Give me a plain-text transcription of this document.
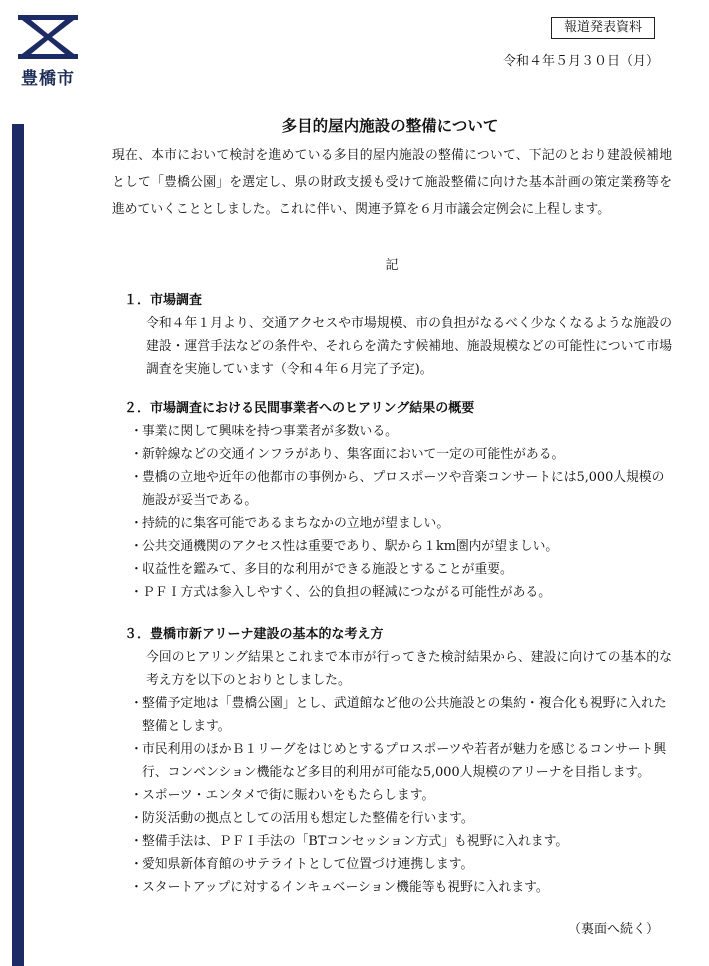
豊橋市
報道発表資料
令和４年５月３０日（月）
多目的屋内施設の整備について
現在、本市において検討を進めている多目的屋内施設の整備について、下記のとおり建設候補地として「豊橋公園」を選定し、県の財政支援も受けて施設整備に向けた基本計画の策定業務等を進めていくこととしました。これに伴い、関連予算を６月市議会定例会に上程します。
記
１．市場調査
令和４年１月より、交通アクセスや市場規模、市の負担がなるべく少なくなるような施設の建設・運営手法などの条件や、それらを満たす候補地、施設規模などの可能性について市場調査を実施しています（令和４年６月完了予定)。
２．市場調査における民間事業者へのヒアリング結果の概要
・ 事業に関して興味を持つ事業者が多数いる。
・ 新幹線などの交通インフラがあり、集客面において一定の可能性がある。
・ 豊橋の立地や近年の他都市の事例から、プロスポーツや音楽コンサートには5,000人規模の施設が妥当である。
・ 持続的に集客可能であるまちなかの立地が望ましい。
・ 公共交通機関のアクセス性は重要であり、駅から１km圏内が望ましい。
・ 収益性を鑑みて、多目的な利用ができる施設とすることが重要。
・ ＰＦＩ方式は参入しやすく、公的負担の軽減につながる可能性がある。
３．豊橋市新アリーナ建設の基本的な考え方
今回のヒアリング結果とこれまで本市が行ってきた検討結果から、建設に向けての基本的な考え方を以下のとおりとしました。
・ 整備予定地は「豊橋公園」とし、武道館など他の公共施設との集約・複合化も視野に入れた整備とします。
・ 市民利用のほかＢ１リーグをはじめとするプロスポーツや若者が魅力を感じるコンサート興行、コンベンション機能など多目的利用が可能な5,000人規模のアリーナを目指します。
・ スポーツ・エンタメで街に賑わいをもたらします。
・ 防災活動の拠点としての活用も想定した整備を行います。
・ 整備手法は、ＰＦＩ手法の「BTコンセッション方式」も視野に入れます。
・ 愛知県新体育館のサテライトとして位置づけ連携します。
・ スタートアップに対するインキュベーション機能等も視野に入れます。
（裏面へ続く）
